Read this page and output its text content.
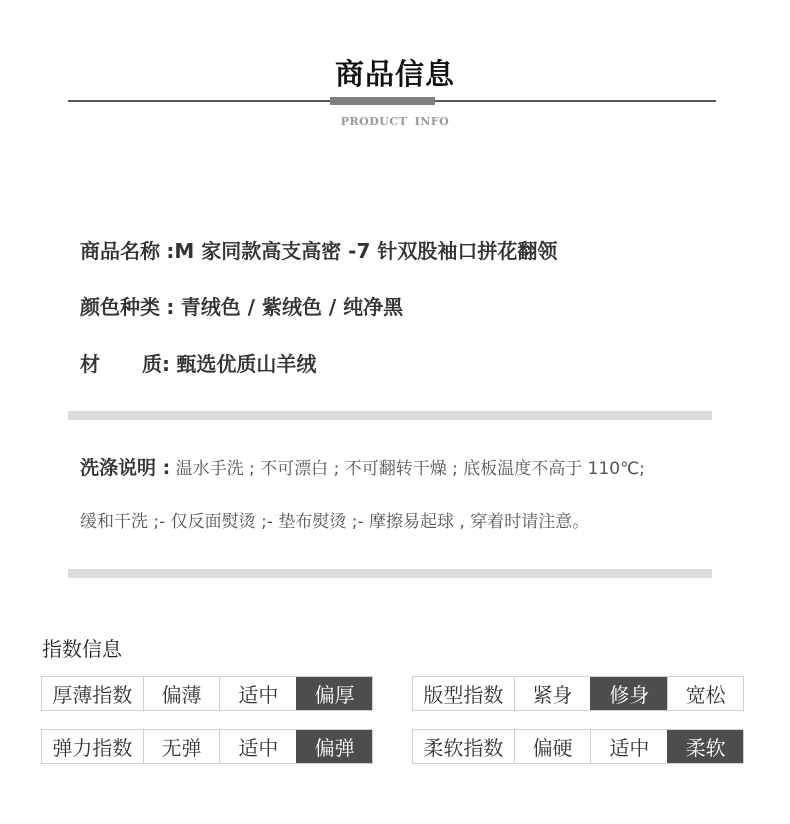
商品信息
PRODUCT INFO
商品名称 :M 家同款高支高密 -7 针双股袖口拼花翻领
颜色种类 : 青绒色 / 紫绒色 / 纯净黑
材 质: 甄选优质山羊绒
洗涤说明 : 温水手洗 ; 不可漂白 ; 不可翻转干燥 ; 底板温度不高于 110℃;
缓和干洗 ;- 仅反面熨烫 ;- 垫布熨烫 ;- 摩擦易起球 , 穿着时请注意。
指数信息
厚薄指数	偏薄	适中	偏厚	版型指数	紧身	修身	宽松
弹力指数	无弹	适中	偏弹	柔软指数	偏硬	适中	柔软
